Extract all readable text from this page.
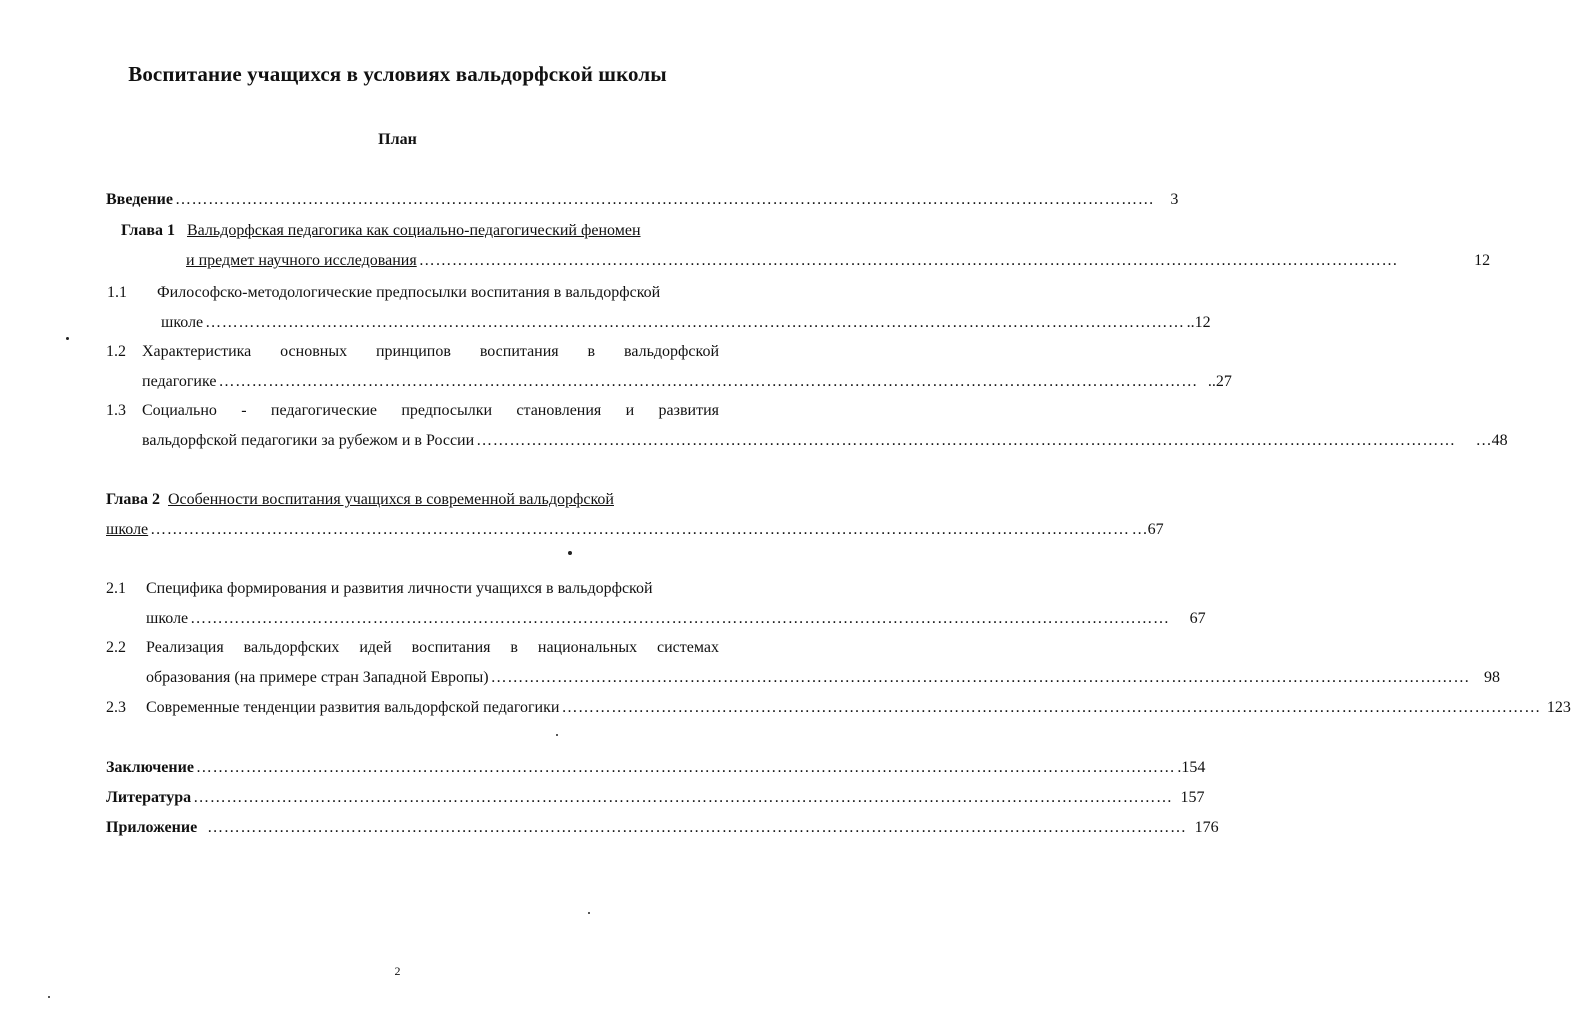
Воспитание учащихся в условиях вальдорфской школы
План
Введение ……………………………………………………………………………………………………………………………………………………………	3
Глава 1 Вальдорфская педагогика как социально-педагогический феномен
и предмет научного исследования ……………………………………………………………………………………………………………………………………………………………	12
1.1 Философско-методологические предпосылки воспитания в вальдорфской
школе …………………………………………………………………………………………………………………………………………………………… ..12
1.2 Характеристика основных принципов воспитания в вальдорфской
педагогике …………………………………………………………………………………………………………………………………………………………… ..27
1.3 Социально - педагогические предпосылки становления и развития
вальдорфской педагогики за рубежом и в России …………………………………………………………………………………………………………………………………………………………… …48
Глава 2 Особенности воспитания учащихся в современной вальдорфской
школе …………………………………………………………………………………………………………………………………………………………… …67
2.1 Специфика формирования и развития личности учащихся в вальдорфской
школе ……………………………………………………………………………………………………………………………………………………………	67
2.2 Реализация вальдорфских идей воспитания в национальных системах
образования (на примере стран Западной Европы) …………………………………………………………………………………………………………………………………………………………… 98
2.3 Современные тенденции развития вальдорфской педагогики …………………………………………………………………………………………………………………………………………………………… 123
Заключение …………………………………………………………………………………………………………………………………………………………… .154
Литература …………………………………………………………………………………………………………………………………………………………… 157
Приложение …………………………………………………………………………………………………………………………………………………………… 176
2
